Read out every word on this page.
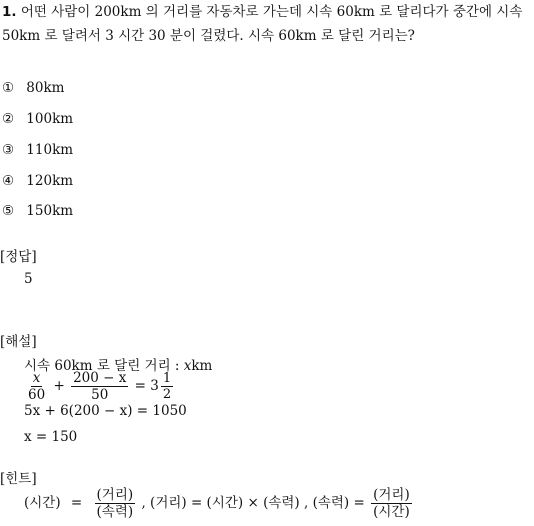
1. 어떤 사람이 200km 의 거리를 자동차로 가는데 시속 60km 로 달리다가 중간에 시속 50km 로 달려서 3 시간 30 분이 걸렸다. 시속 60km 로 달린 거리는?
① 80km
② 100km
③ 110km
④ 120km
⑤ 150km
[정답]
5
[해설]
시속 60km 로 달린 거리 : xkm
$\frac{x}{60} + \frac{200 - x}{50} = 3 \frac{1}{2}$
5x + 6(200 − x) = 1050
x = 150
[힌트]
(시간) = $\frac{\text{(거리)}}{\text{(속력)}}$ , (거리) = (시간) × (속력) , (속력) = $\frac{\text{(거리)}}{\text{(시간)}}$
